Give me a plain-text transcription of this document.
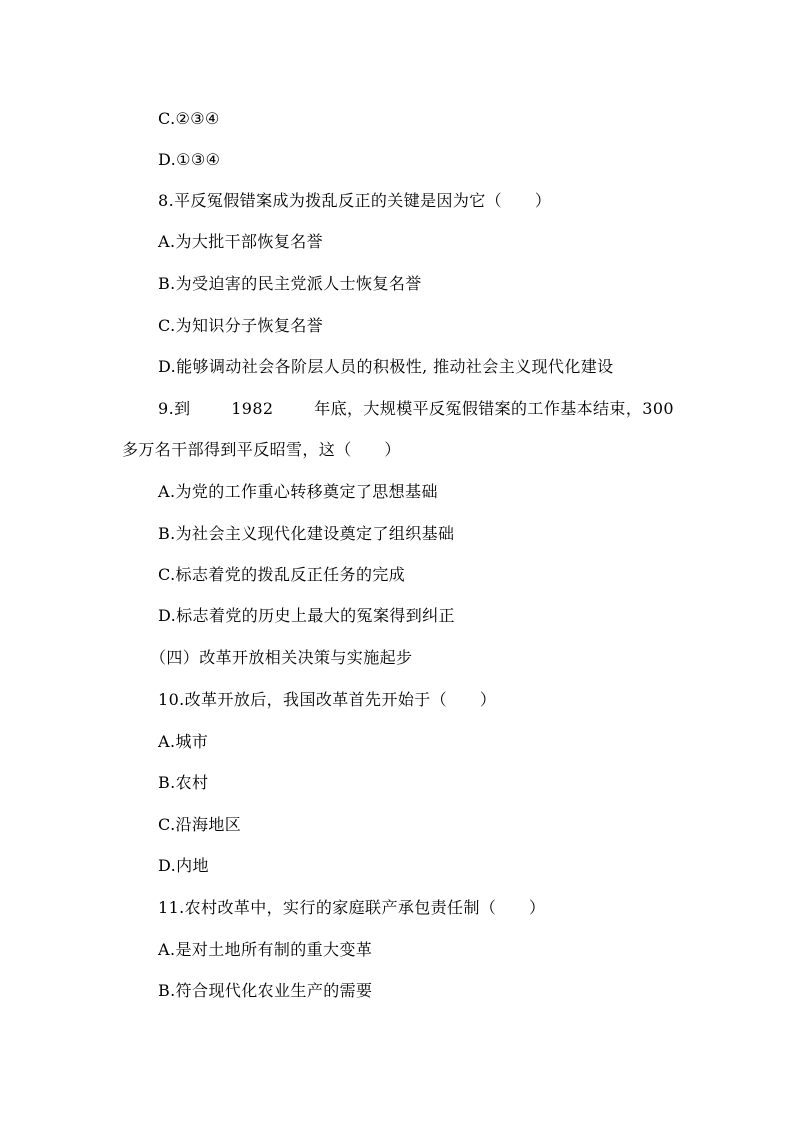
C.②③④
D.①③④
8.平反冤假错案成为拨乱反正的关键是因为它（　　）
A.为大批干部恢复名誉
B.为受迫害的民主党派人士恢复名誉
C.为知识分子恢复名誉
D.能够调动社会各阶层人员的积极性, 推动社会主义现代化建设
9.到	1982	年底，大规模平反冤假错案的工作基本结束，300
多万名干部得到平反昭雪，这（　　）
A.为党的工作重心转移奠定了思想基础
B.为社会主义现代化建设奠定了组织基础
C.标志着党的拨乱反正任务的完成
D.标志着党的历史上最大的冤案得到纠正
（四）改革开放相关决策与实施起步
10.改革开放后，我国改革首先开始于（　　）
A.城市
B.农村
C.沿海地区
D.内地
11.农村改革中，实行的家庭联产承包责任制（　　）
A.是对土地所有制的重大变革
B.符合现代化农业生产的需要
